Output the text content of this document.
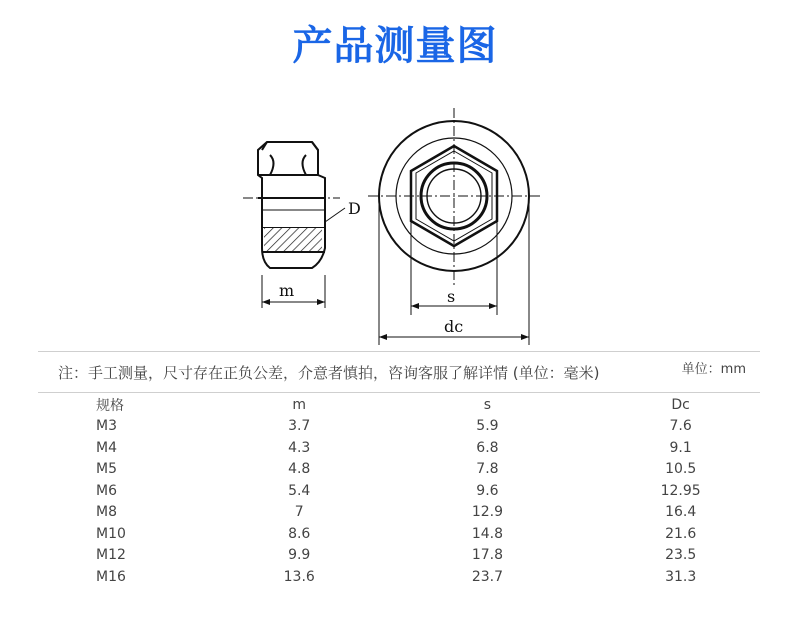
产品测量图
D
m	s
dc
注：手工测量，尺寸存在正负公差，介意者慎拍，咨询客服了解详情 (单位：毫米)	单位：mm
规格	m	s	Dc
M3	3.7	5.9	7.6
M4	4.3	6.8	9.1
M5	4.8	7.8	10.5
M6	5.4	9.6	12.95
M8	7	12.9	16.4
M10	8.6	14.8	21.6
M12	9.9	17.8	23.5
M16	13.6	23.7	31.3
